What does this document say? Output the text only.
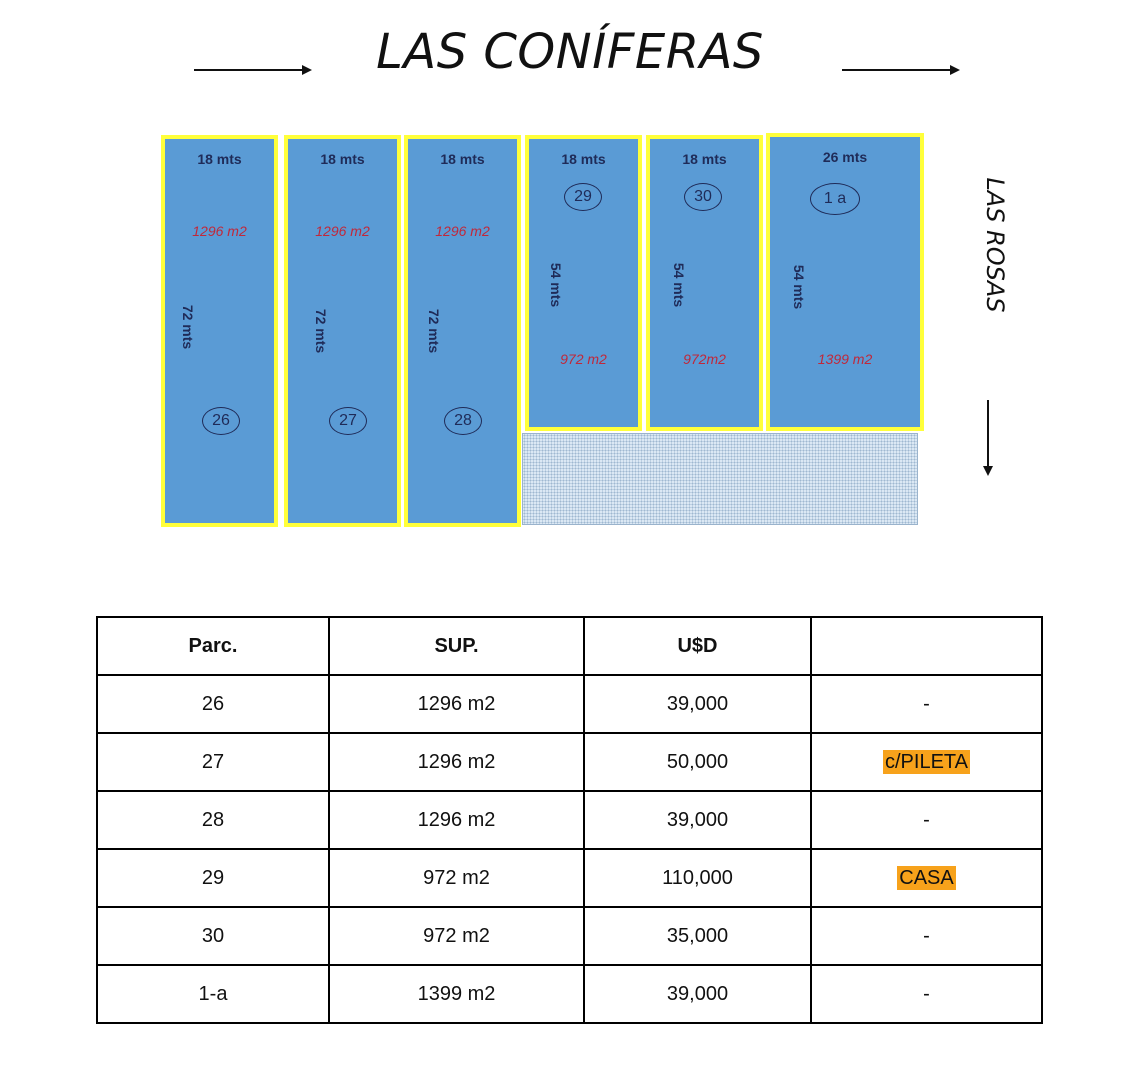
LAS CONÍFERAS
LAS ROSAS
18 mts
1296 m2
72 mts
26
18 mts
1296 m2
72 mts
27
18 mts
1296 m2
72 mts
28
18 mts
29
54 mts
972 m2
18 mts
30
54 mts
972m2
26 mts
1 a
54 mts
1399 m2
Parc.	SUP.	U$D	
26	1296 m2	39,000	-
27	1296 m2	50,000	c/PILETA
28	1296 m2	39,000	-
29	972 m2	110,000	CASA
30	972 m2	35,000	-
1-a	1399 m2	39,000	-
